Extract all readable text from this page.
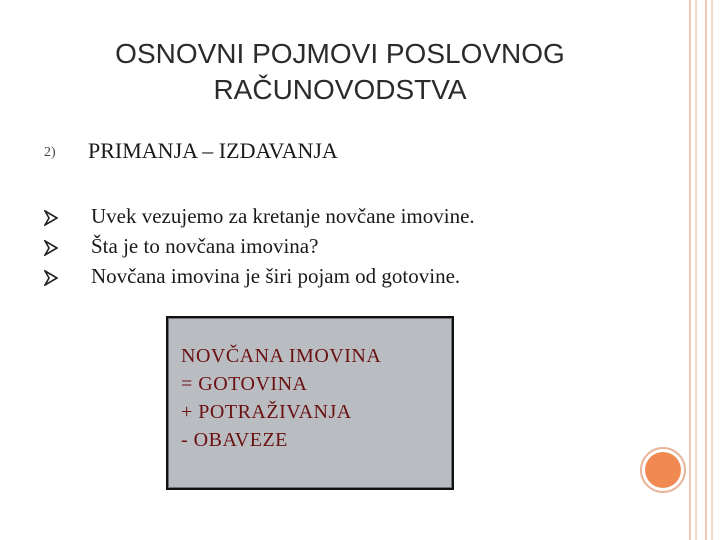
OSNOVNI POJMOVI POSLOVNOG
RAČUNOVODSTVA
2) PRIMANJA – IZDAVANJA
Uvek vezujemo za kretanje novčane imovine.
Šta je to novčana imovina?
Novčana imovina je širi pojam od gotovine.
NOVČANA IMOVINA
= GOTOVINA
+ POTRAŽIVANJA
- OBAVEZE
